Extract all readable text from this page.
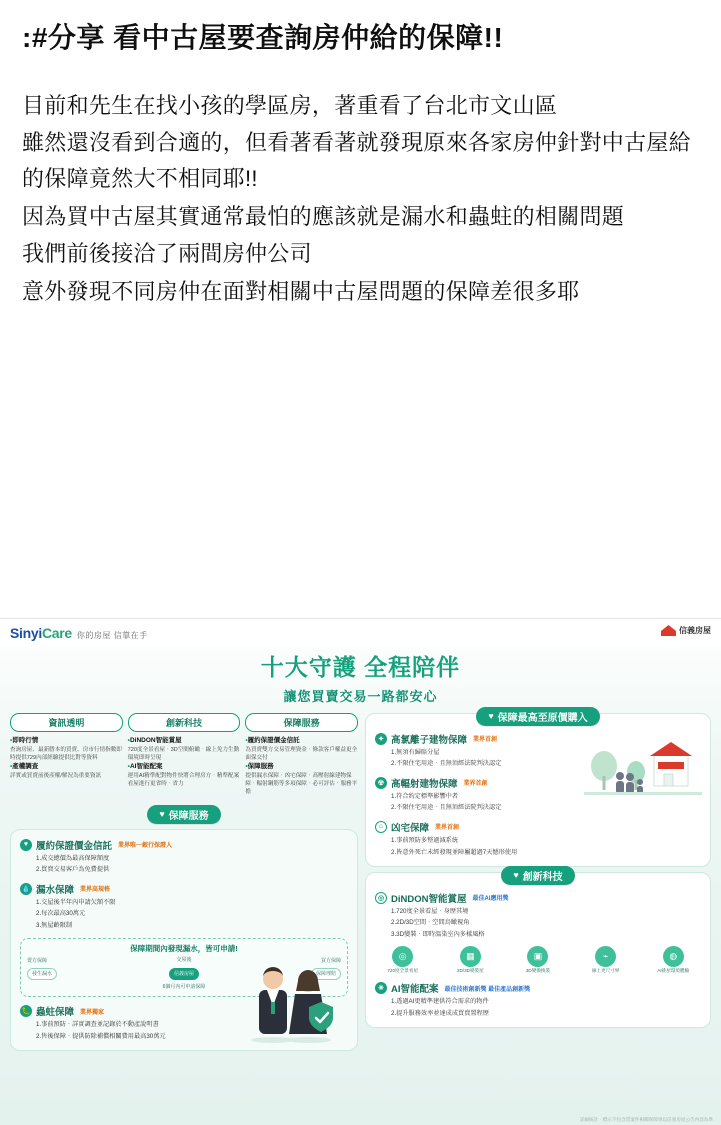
:#分享 看中古屋要查詢房仲給的保障!!

目前和先生在找小孩的學區房，著重看了台北市文山區

雖然還沒看到合適的，但看著看著就發現原來各家房仲針對中古屋給的保障竟然大不相同耶!!

因為買中古屋其實通常最怕的應該就是漏水和蟲蛀的相關問題

我們前後接洽了兩間房仲公司

意外發現不同房仲在面對相關中古屋問題的保障差很多耶

SinyiCare 你的房屋 信靠在手
信義房屋
十大守護 全程陪伴
讓您買賣交易一路都安心
資訊透明	創新科技	保障服務
•即時行情
查詢房屋、最新謄本的買賣、房市行情指數即時提供729內部經驗提供比對等資料
•產權調查
詳實或買賣前後產權/解況為重要資訊
•DiNDON智能賞屋
720度全景看屋‧3D空間俯瞰‧線上免力生動環境即時呈現
•AI智能配案
運用AI精準配對物件快將合理房方‧精準配案看屋進行更省時‧省力
•履約保證價金信託
為買賣雙方交易管理資金‧條款客戶權益更全面保交付
•保障服務
提供漏水保障‧凶宅保障‧高壓射線建物保障‧輻射鋼筋等多項保障‧必可評估‧服務平擔
♥ 保障服務
♥ 履約保證價金信託 業界唯一銀行保證人
1.成交總價為最高保障額度
2.買賣交易客戶為免費提供
💧 漏水保障 業界高規格
1.交屋後半年內申請欠額不限
2.每次最高30萬元
3.無屋齡限制
保障期間內發現漏水，皆可申請!
賣方保障	交屋後	買方保障
發生漏水	信義房屋	保障理賠
6個月內可申請保障
🐛 蟲蛀保障 業界獨家
1.事前預防‧詳實調查並記錄於不動產說明書
2.售後保障‧提供防除補償相關費用最高30萬元
♥ 保障最高至原價購入
✦ 高氯離子建物保障 業界首創
1.無須有歸賠分屋
2.不限住宅用途‧且無須經法院判決認定
☢ 高輻射建物保障 業界首創
1.符合約定標準影響中者
2.不限住宅用途‧且無須經法院判決認定
⌂ 凶宅保障 業界首創
1.事前預防多整過減系統
2.皆意外死亡未經發現並障屬超過7天憾形使用
♥ 創新科技
◎ DiNDON智能賞屋 最佳AI應用獎
1.720度全景看屋‧身歷其境
2.2D/3D空間‧空間鳥瞰視角
3.3D變裝‧即時溫染室內多樣風格
◎
720度全景看屋
▦
2D/3D變裝屋
▣
3D變換換裝
⌁
線上更尺寸界
◍
AI挑屋環境體驗
✳ AI智能配案 最佳技術創新獎 最佳產品創新獎
1.透過AI更精準建供符合需求的物件
2.提升服務效率並達成成買賣置程歷
詳細統計‧標示不包含當案件相關保障須以信義房屋公告內容為準
